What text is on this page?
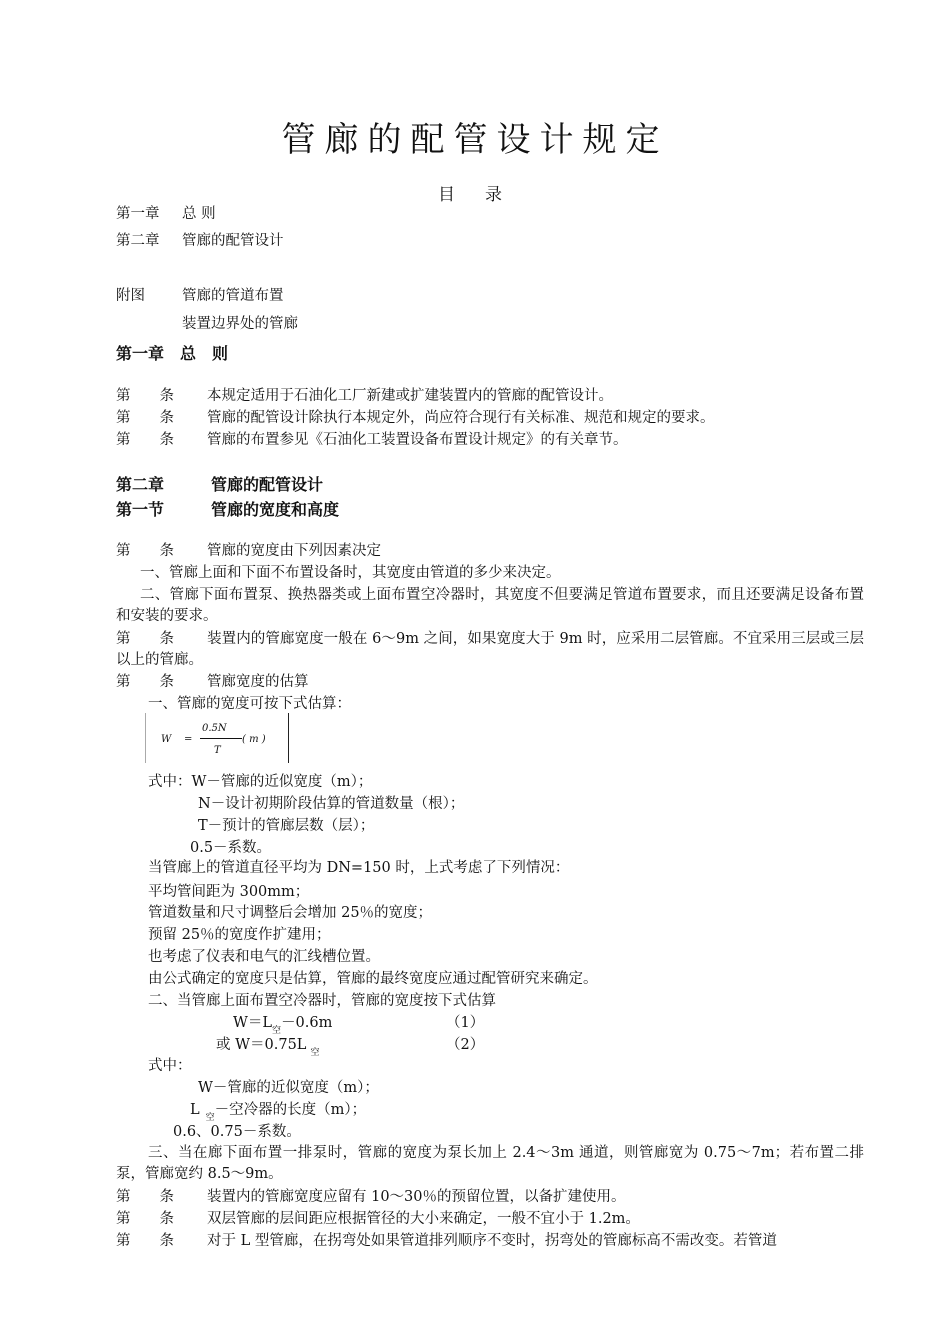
管廊的配管设计规定
目录
第一章 总 则
第二章 管廊的配管设计
附图	管廊的管道布置
装置边界处的管廊
第一章　总　则
第　　条 本规定适用于石油化工厂新建或扩建装置内的管廊的配管设计。
第　　条 管廊的配管设计除执行本规定外，尚应符合现行有关标准、规范和规定的要求。
第　　条 管廊的布置参见《石油化工装置设备布置设计规定》的有关章节。
第二章	管廊的配管设计
第一节	管廊的宽度和高度
第　　条 管廊的宽度由下列因素决定
一、管廊上面和下面不布置设备时，其宽度由管道的多少来决定。
二、管廊下面布置泵、换热器类或上面布置空冷器时，其宽度不但要满足管道布置要求，而且还要满足设备布置和安装的要求。
第　　条 装置内的管廊宽度一般在 6～9m 之间，如果宽度大于 9m 时，应采用二层管廊。不宜采用三层或三层以上的管廊。
第　　条 管廊宽度的估算
一、管廊的宽度可按下式估算：
W =
0.5N
T
( m )
式中：W－管廊的近似宽度（m）；
N－设计初期阶段估算的管道数量（根）；
T－预计的管廊层数（层）；
0.5－系数。
当管廊上的管道直径平均为 DN=150 时，上式考虑了下列情况：
平均管间距为 300mm；
管道数量和尺寸调整后会增加 25％的宽度；
预留 25％的宽度作扩建用；
也考虑了仪表和电气的汇线槽位置。
由公式确定的宽度只是估算，管廊的最终宽度应通过配管研究来确定。
二、当管廊上面布置空冷器时，管廊的宽度按下式估算
$W=L_空-0.6m$	（1）
或 W＝0.75L $_空$	（2）
式中：
W－管廊的近似宽度（m）；
L $_空$－空冷器的长度（m）；
0.6、0.75－系数。
三、当在廊下面布置一排泵时，管廊的宽度为泵长加上 2.4～3m 通道，则管廊宽为 0.75～7m；若布置二排泵，管廊宽约 8.5～9m。
第　　条 装置内的管廊宽度应留有 10～30％的预留位置，以备扩建使用。
第　　条 双层管廊的层间距应根据管径的大小来确定，一般不宜小于 1.2m。
第　　条 对于 L 型管廊，在拐弯处如果管道排列顺序不变时，拐弯处的管廊标高不需改变。若管道
